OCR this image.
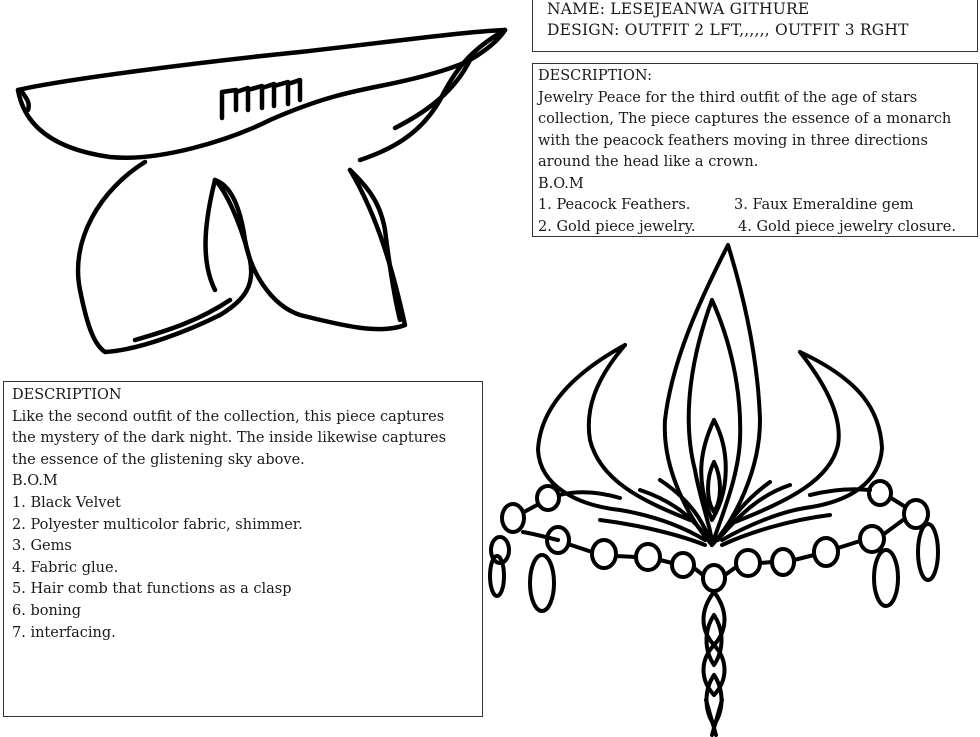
NAME: LESEJEANWA GITHURE

DESIGN: OUTFIT 2 LFT,,,,,, OUTFIT 3 RGHT

DESCRIPTION:

Jewelry Peace for the third outfit of the age of stars

collection, The piece captures the essence of a monarch

with the peacock feathers moving in three directions

around the head like a crown.

B.O.M

1. Peacock Feathers.	3. Faux Emeraldine gem
2. Gold piece jewelry.	4. Gold piece jewelry closure.

DESCRIPTION

Like the second outfit of the collection, this piece captures

the mystery of the dark night. The inside likewise captures

the essence of the glistening sky above.

B.O.M

1. Black Velvet

2. Polyester multicolor fabric, shimmer.

3. Gems

4. Fabric glue.

5. Hair comb that functions as a clasp

6. boning

7. interfacing.
